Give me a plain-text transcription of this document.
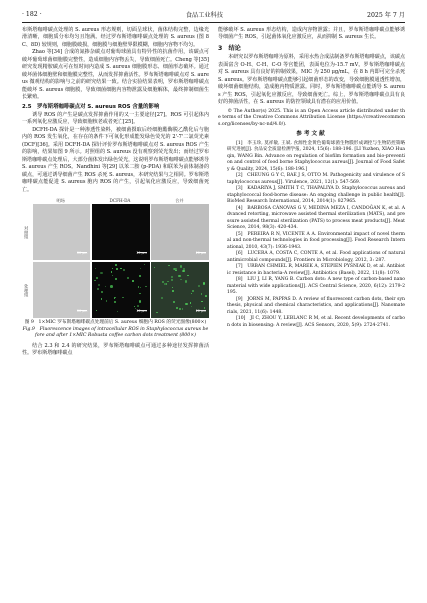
· 182 ·	食品工业科技	2025 年 7 月

布斯塔咖啡碳点处理的 S. aureus 形态规则，切面呈球状，菌体结构完整，边缘光滑清晰，细胞质分布均匀且饱满。经过罗布斯塔咖啡碳点处理的 S. aureus (图 8C、8D) 较规则，细胞膜破损，细胞膜与细胞壁界限模糊，细胞内容物不均匀。

Zhao 等[34] 合成的氮掺杂碳点对葡萄球菌具有特异性的抗菌作用，该碳点可破坏葡萄球菌细胞膜完整性，造成细胞内容物丢失，导致细菌死亡。Cheng 等[35] 研究发现精胺碳点可在短时间内造成 S. aureus 细胞膜形态、细菌形态破坏。通过破坏菌体细胞壁和细胞膜完整性，从而发挥抑菌活性。罗布斯塔咖啡碳点对 S. aureus 微观结构的影响与之前的研究结果一致。结合实验结果表明，罗布斯塔咖啡碳点能破坏 S. aureus 细胞膜，导致细菌细胞内容物泄露及细胞解体，最终抑制细菌生长繁殖。

2.5　罗布斯塔咖啡碳点对 S. aureus ROS 含量的影响

诱导 ROS 的产生是碳点发挥抑菌作用的又一主要途径[27]。ROS 可引起体内一系列氧化应激反应，导致细胞核老或者死亡[25]。

DCFH-DA 探针是一种渗透性染料，被细菌摄取后经细胞酯酶脱乙酰化后与胞内的 ROS 发生氧化，在存在的条件下可氧化形成能发绿色荧光的 2'-7'二氯荧光素 (DCF)[36]。采用 DCFH-DA 探针评价罗布斯塔咖啡碳点对 S. aureus ROS 产生的影响，结果如图 9 所示。对照组的 S. aureus 没有观察到荧光发出；而经过罗布斯塔咖啡碳点处理后，大部分菌体发出绿色荧光，这说明罗布斯塔咖啡碳点能够诱导 S. aureus 产生 ROS。Nandhini 等[29] 以苯二胺 (p-PDA) 和联苯为前体制备的碳点，可通过诱导细菌产生 ROS 杀死 S. aureus，本研究结果与之相同。罗布斯塔咖啡碳点能促进 S. aureus 胞内 ROS 的产生，引起氧化应激反应，导致细菌死亡。

明场	DCFH-DA	合并
对照组
20 μm	20 μm	20 μm
处理组
20 μm	20 μm	20 μm
图 9　1×MIC 罗布斯塔咖啡碳点处理前后 S. aureus 细胞内 ROS 的荧光图像(800×)
Fig.9　Fluorescence images of intracellular ROS in Staphylococcus aureus before and after 1×MIC Robusta coffee carbon dots treatment (800×)

结合 2.3 和 2.4 的研究结果，罗布斯塔咖啡碳点可通过多种途径发挥抑菌活性。罗布斯塔咖啡碳点

能够破坏 S. aureus 形态结构，造成内容物泄露；并且，罗布斯塔咖啡碳点能够诱导细菌产生 ROS，引起菌体氧化应激反应，从而抑制 S. aureus 生长。

3　结论

本研究以罗布斯塔咖啡为原料，采用水热合成法制备罗布斯塔咖啡碳点，该碳点表面富含 O-H、C-H、C-O 等官能团，表面电位为-15.7 mV。罗布斯塔咖啡碳点对 S. aureus 具有良好的抑制效果，MIC 为 250 μg/mL，在 8 h 内即可完全杀死 S. aureus。罗布斯塔咖啡碳点能够引起细菌形态的改变，导致细胞膜通透性增加，破坏细菌细胞结构，造成胞内物质泄露。同时，罗布斯塔咖啡碳点能诱导 S. aureus 产生 ROS，引起氧化应激反应，导致细菌死亡。综上，罗布斯塔咖啡碳点具有良好的抑菌活性，在 S. aureus 的防控领域具有潜在的应用价值。

© The Author(s) 2025. This is an Open Access article distributed under the terms of the Creative Commons Attribution License (https://creativecommons.org/licenses/by-nc-nd/4.0/).
参考文献

[1]　李玉珍, 莫祥敏, 王斌. 食源性金黄色葡萄球菌生物膜形成调控与生物防控策略研究进展[J]. 食品安全质量检测学报, 2024, 15(6): 188-196. [LI Yuzhen, XIAO Huaqin, WANG Bin. Advance on regulation of biofilm formation and bio-prevention and control of food borne Staphylococcus aureus[J]. Journal of Food Safety & Quality, 2024, 15(6): 188-196.]

[2]　CHEUNG G Y C, BAE J S, OTTO M. Pathogenicity and virulence of Staphylococcus aureus[J]. Virulence, 2021, 12(1): 547-569.

[3]　KADARIYA J, SMITH T C, THAPALIYA D. Staphylococcus aureus and staphylococcal food-borne disease: An ongoing challenge in public health[J]. BioMed Research International, 2014, 2014(1): 827965.

[4]　BARBOSA CÁNOVAS G V, MEDINA MEZA I, CANDOĞAN K, et al. Advanced retorting, microwave assisted thermal sterilization (MATS), and pressure assisted thermal sterilization (PATS) to process meat products[J]. Meat Science, 2014, 98(3): 420-434.

[5]　PEREIRA R N, VICENTE A A. Environmental impact of novel thermal and non-thermal technologies in food processing[J]. Food Research International, 2010, 43(7): 1936-1943.

[6]　LUCERA A, COSTA C, CONTE A, et al. Food applications of natural antimicrobial compounds[J]. Frontiers in Microbiology, 2012, 3: 287.

[7]　URBAN CHMIEL R, MAREK A, STEPIEN PYŚNIAK D, et al. Antibiotic resistance in bacteria-A review[J]. Antibiotics (Basel), 2022, 11(8): 1079.

[8]　LIU J, LI R, YANG B. Carbon dots: A new type of carbon-based nanomaterial with wide applications[J]. ACS Central Science, 2020, 6(12): 2179-2195.

[9]　JORNS M, PAPPAS D. A review of fluorescent carbon dots, their synthesis, physical and chemical characteristics, and applications[J]. Nanomaterials, 2021, 11(6): 1448.

[10]　JI C, ZHOU Y, LEBLANC R M, et al. Recent developments of carbon dots in biosensing: A review[J]. ACS Sensors, 2020, 5(9): 2724-2741.
